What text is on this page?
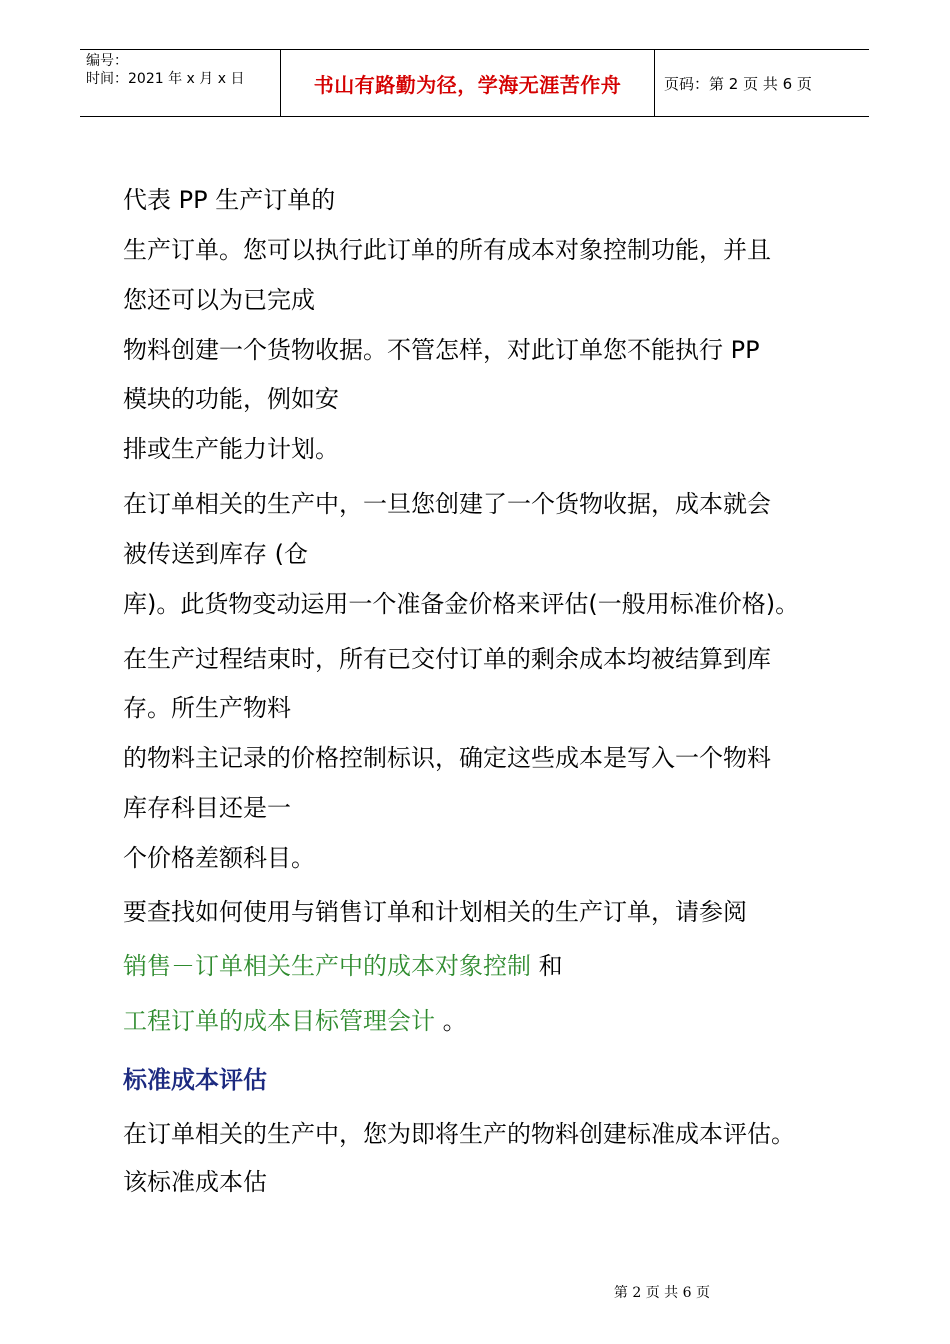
编号：
时间：2021 年 x 月 x 日	书山有路勤为径，学海无涯苦作舟	页码：第 2 页 共 6 页
代表 PP 生产订单的
生产订单。您可以执行此订单的所有成本对象控制功能，并且
您还可以为已完成
物料创建一个货物收据。不管怎样，对此订单您不能执行 PP
模块的功能，例如安
排或生产能力计划。
在订单相关的生产中，一旦您创建了一个货物收据，成本就会
被传送到库存 (仓
库)。此货物变动运用一个准备金价格来评估(一般用标准价格)。
在生产过程结束时，所有已交付订单的剩余成本均被结算到库
存。所生产物料
的物料主记录的价格控制标识，确定这些成本是写入一个物料
库存科目还是一
个价格差额科目。
要查找如何使用与销售订单和计划相关的生产订单，请参阅
销售－订单相关生产中的成本对象控制 和
工程订单的成本目标管理会计 。
标准成本评估
在订单相关的生产中，您为即将生产的物料创建标准成本评估。
该标准成本估
第 2 页 共 6 页
